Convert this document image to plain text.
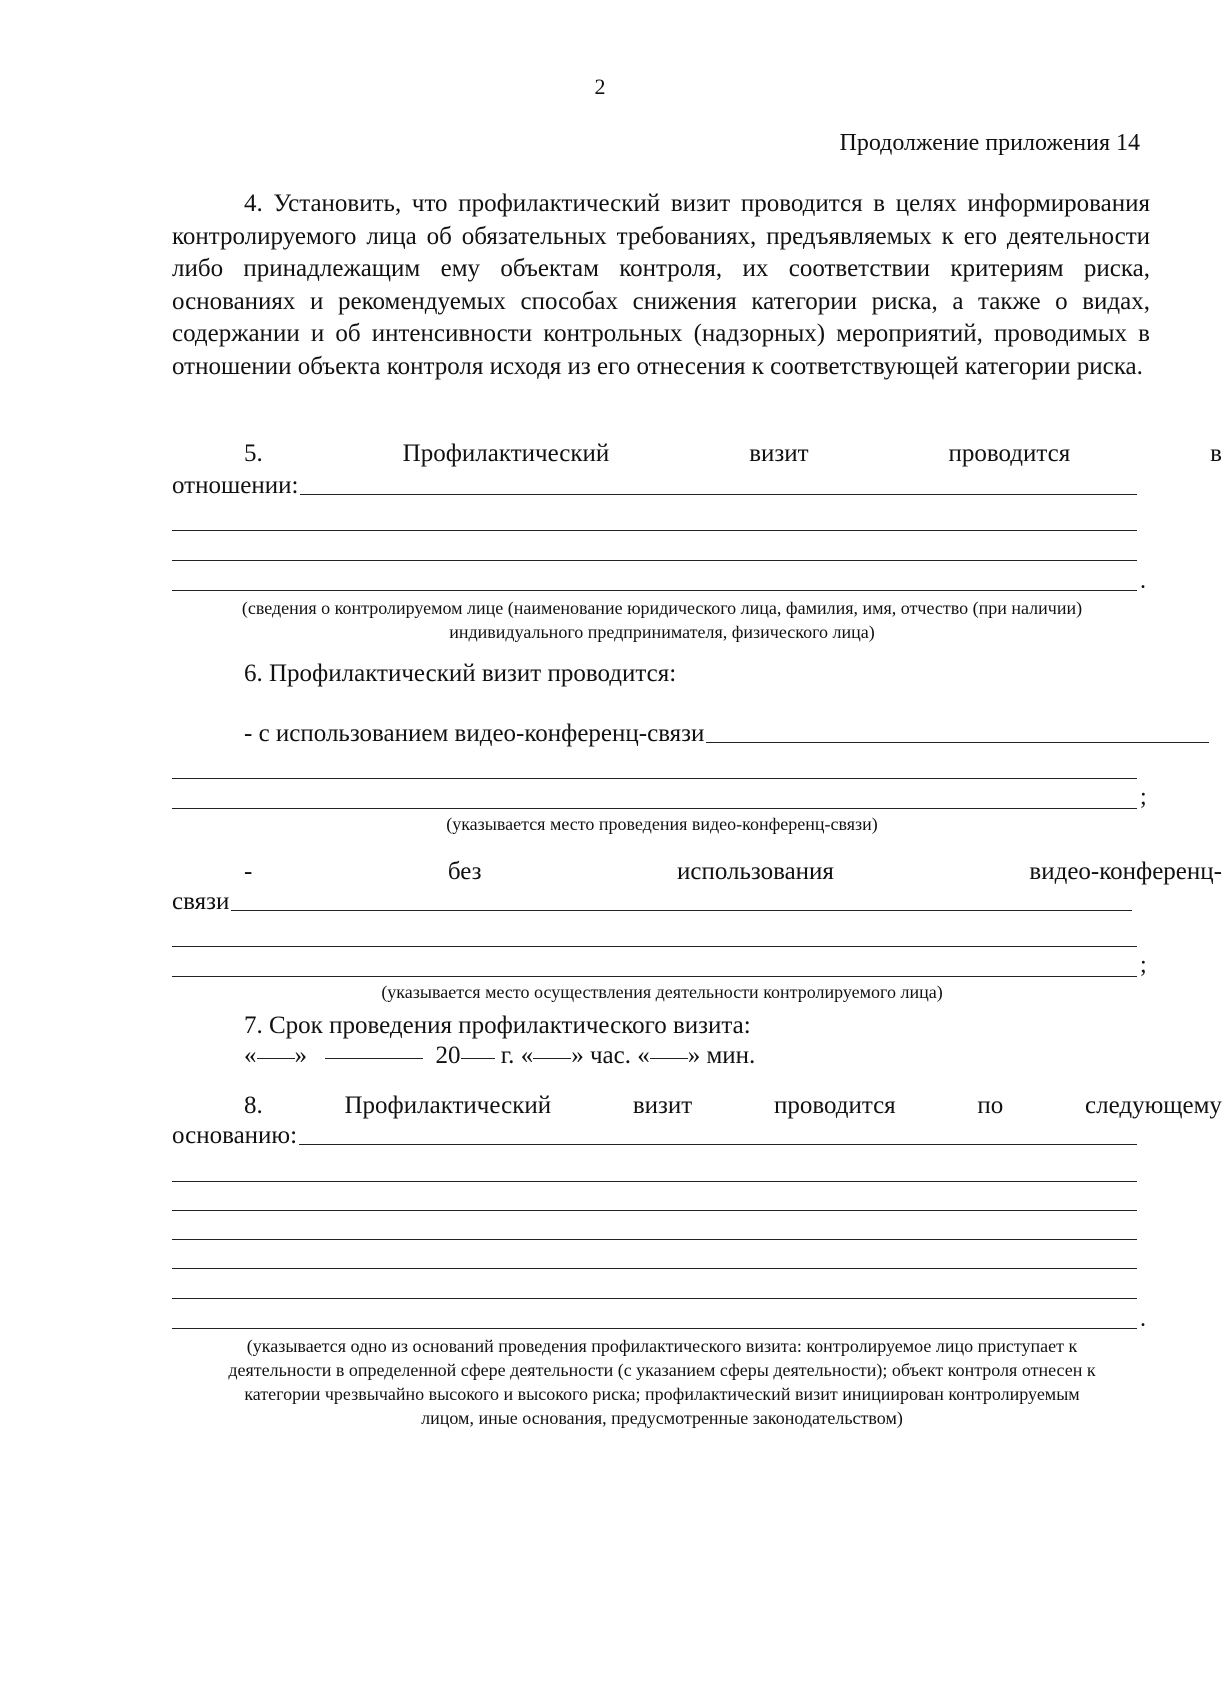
2
Продолжение приложения 14

4. Установить, что профилактический визит проводится в целях информирования контролируемого лица об обязательных требованиях, предъявляемых к его деятельности либо принадлежащим ему объектам контроля, их соответствии критериям риска, основаниях и рекомендуемых способах снижения категории риска, а также о видах, содержании и об интенсивности контрольных (надзорных) мероприятий, проводимых в отношении объекта контроля исходя из его отнесения к соответствующей категории риска.

5.	Профилактический	визит	проводится	в
отношении:
.
(сведения о контролируемом лице (наименование юридического лица, фамилия, имя, отчество (при наличии)
индивидуального предпринимателя, физического лица)
6. Профилактический визит проводится:
- с использованием видео-конференц-связи
;
(указывается место проведения видео-конференц-связи)
-	без	использования	видео-конференц-
связи
;
(указывается место осуществления деятельности контролируемого лица)
7. Срок проведения профилактического визита:
« »	20 г. « » час. « » мин.
8.	Профилактический	визит	проводится	по	следующему
основанию:
.
(указывается одно из оснований проведения профилактического визита: контролируемое лицо приступает к
деятельности в определенной сфере деятельности (с указанием сферы деятельности); объект контроля отнесен к
категории чрезвычайно высокого и высокого риска; профилактический визит инициирован контролируемым
лицом, иные основания, предусмотренные законодательством)
